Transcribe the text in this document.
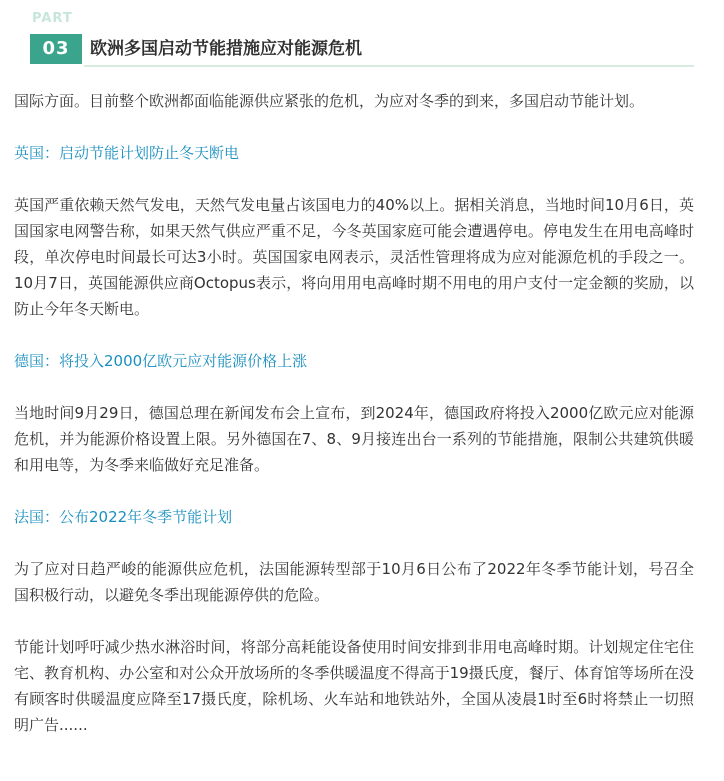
PART
03	欧洲多国启动节能措施应对能源危机

国际方面。目前整个欧洲都面临能源供应紧张的危机，为应对冬季的到来，多国启动节能计划。

英国：启动节能计划防止冬天断电

英国严重依赖天然气发电，天然气发电量占该国电力的40%以上。据相关消息，当地时间10月6日，英国国家电网警告称，如果天然气供应严重不足，今冬英国家庭可能会遭遇停电。停电发生在用电高峰时段，单次停电时间最长可达3小时。英国国家电网表示，灵活性管理将成为应对能源危机的手段之一。10月7日，英国能源供应商Octopus表示，将向用用电高峰时期不用电的用户支付一定金额的奖励，以防止今年冬天断电。

德国：将投入2000亿欧元应对能源价格上涨

当地时间9月29日，德国总理在新闻发布会上宣布，到2024年，德国政府将投入2000亿欧元应对能源危机，并为能源价格设置上限。另外德国在7、8、9月接连出台一系列的节能措施，限制公共建筑供暖和用电等，为冬季来临做好充足准备。

法国：公布2022年冬季节能计划

为了应对日趋严峻的能源供应危机，法国能源转型部于10月6日公布了2022年冬季节能计划，号召全国积极行动，以避免冬季出现能源停供的危险。

节能计划呼吁减少热水淋浴时间，将部分高耗能设备使用时间安排到非用电高峰时期。计划规定住宅住宅、教育机构、办公室和对公众开放场所的冬季供暖温度不得高于19摄氏度，餐厅、体育馆等场所在没有顾客时供暖温度应降至17摄氏度，除机场、火车站和地铁站外，全国从凌晨1时至6时将禁止一切照明广告......
